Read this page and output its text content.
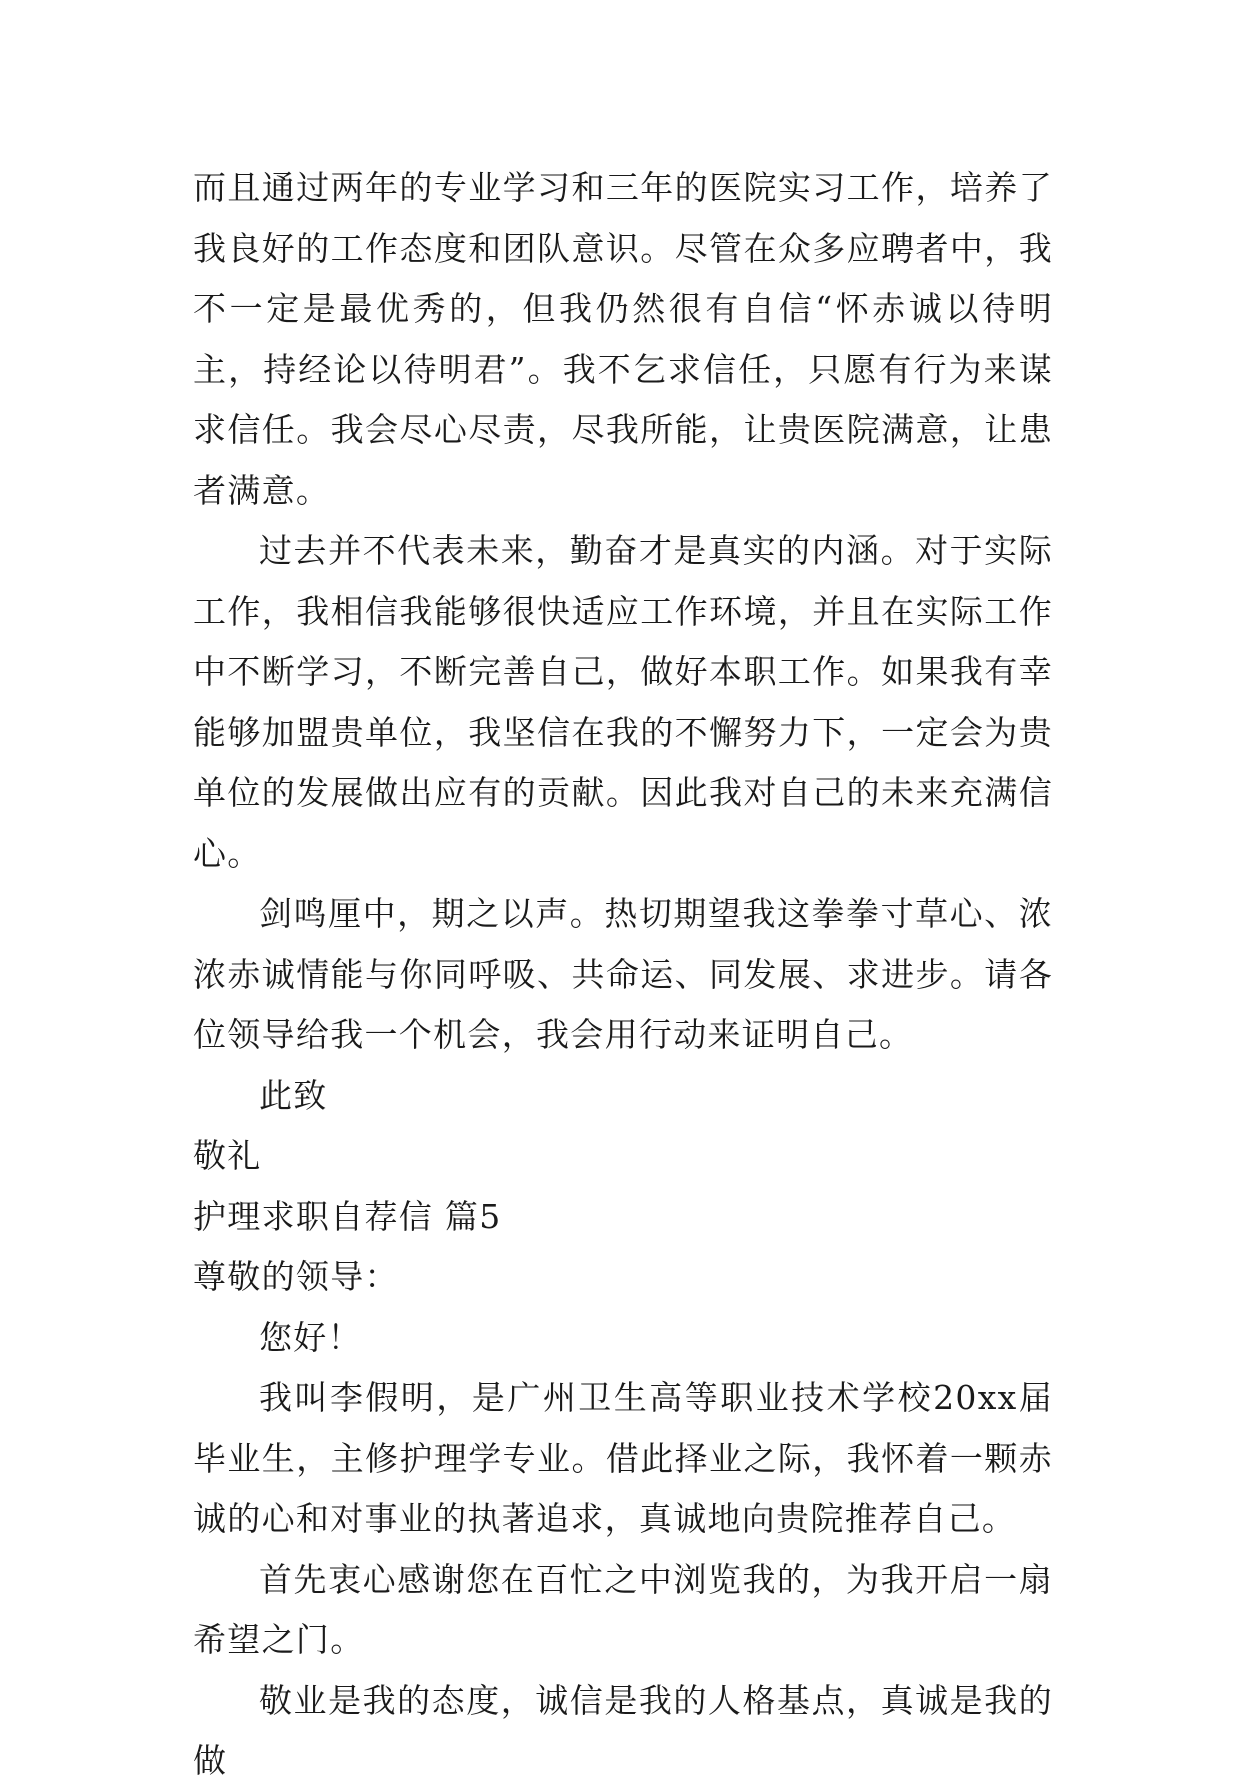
而且通过两年的专业学习和三年的医院实习工作，培养了我良好的工作态度和团队意识。尽管在众多应聘者中，我不一定是最优秀的，但我仍然很有自信“怀赤诚以待明主，持经论以待明君”。我不乞求信任，只愿有行为来谋求信任。我会尽心尽责，尽我所能，让贵医院满意，让患者满意。

过去并不代表未来，勤奋才是真实的内涵。对于实际工作，我相信我能够很快适应工作环境，并且在实际工作中不断学习，不断完善自己，做好本职工作。如果我有幸能够加盟贵单位，我坚信在我的不懈努力下，一定会为贵单位的发展做出应有的贡献。因此我对自己的未来充满信心。

剑鸣厘中，期之以声。热切期望我这拳拳寸草心、浓浓赤诚情能与你同呼吸、共命运、同发展、求进步。请各位领导给我一个机会，我会用行动来证明自己。

此致

敬礼

护理求职自荐信 篇5

尊敬的领导：

您好！

我叫李假明，是广州卫生高等职业技术学校20xx届毕业生，主修护理学专业。借此择业之际，我怀着一颗赤诚的心和对事业的执著追求，真诚地向贵院推荐自己。

首先衷心感谢您在百忙之中浏览我的，为我开启一扇希望之门。

敬业是我的态度，诚信是我的人格基点，真诚是我的做
